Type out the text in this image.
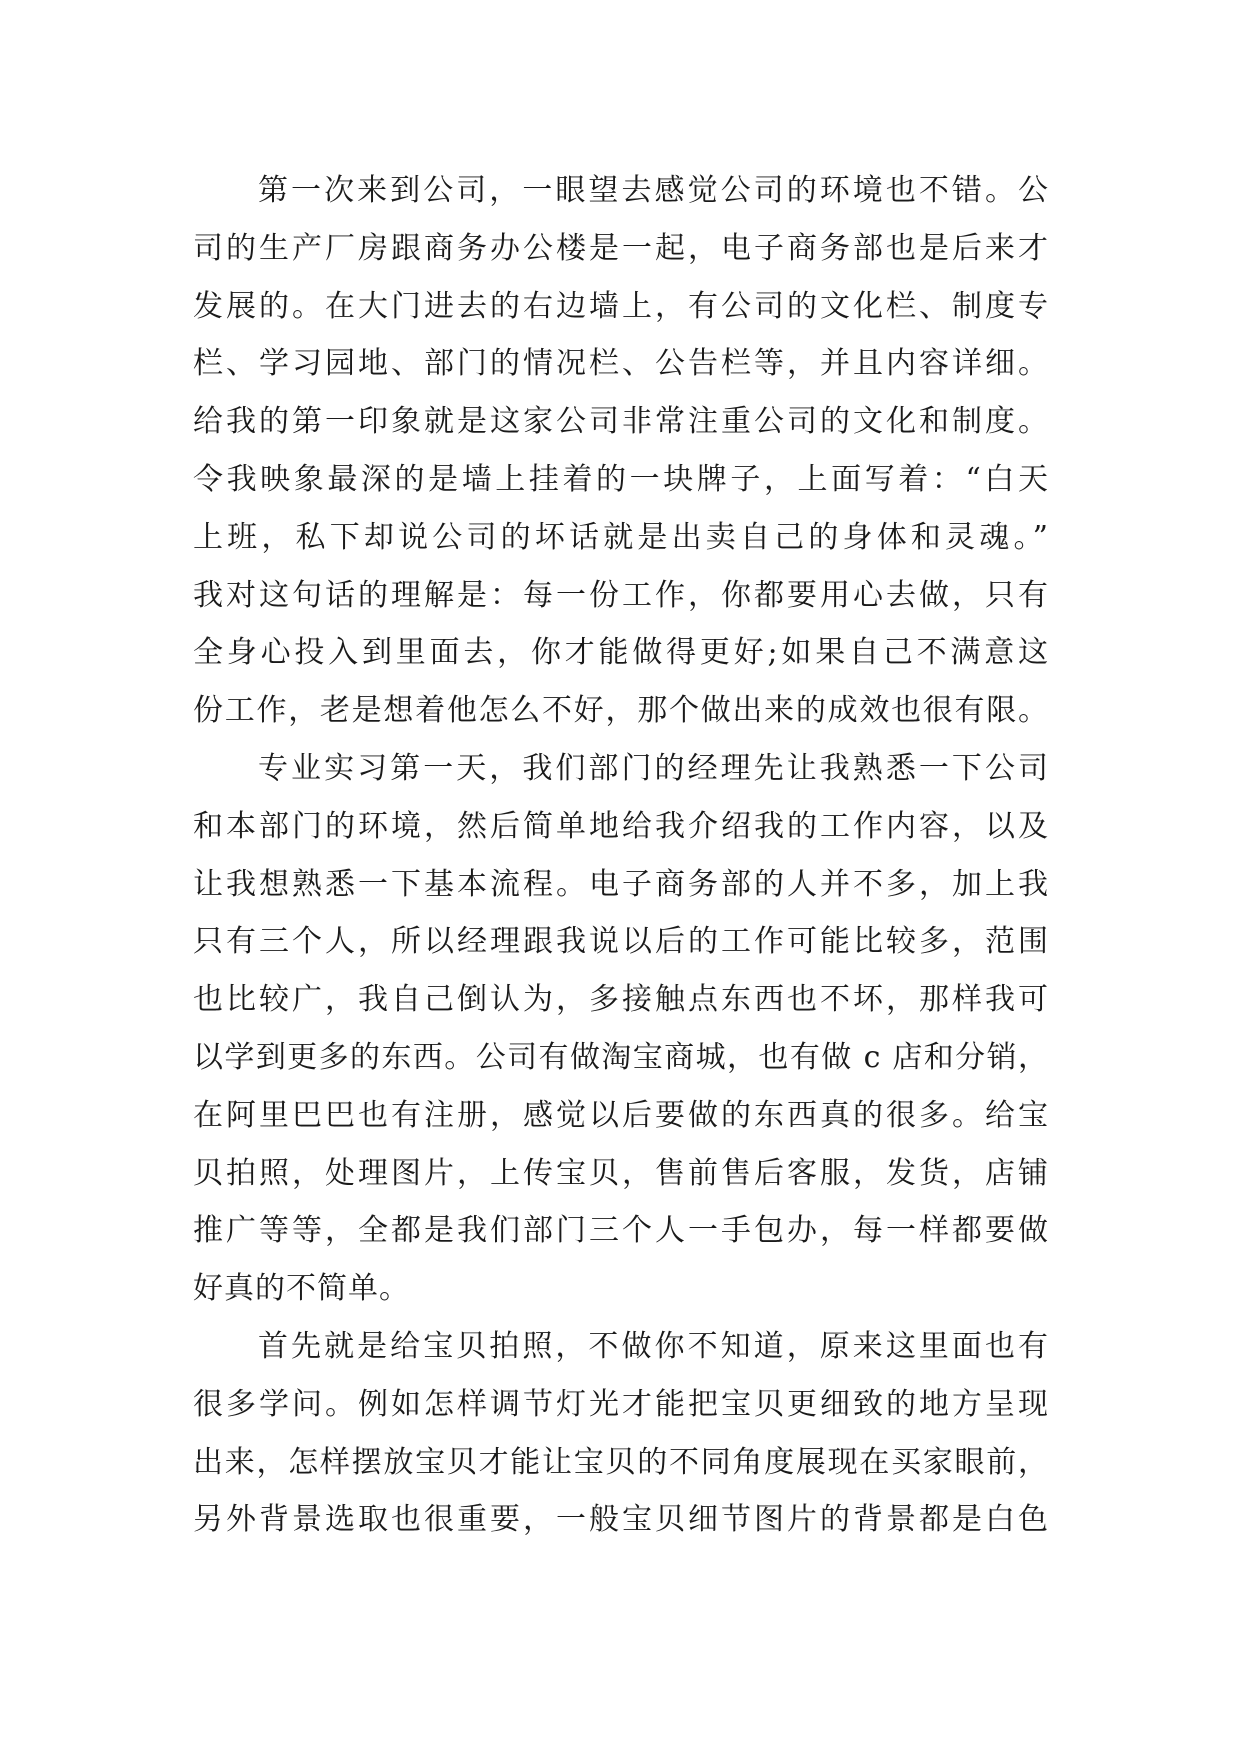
第一次来到公司，一眼望去感觉公司的环境也不错。公
司的生产厂房跟商务办公楼是一起，电子商务部也是后来才
发展的。在大门进去的右边墙上，有公司的文化栏、制度专
栏、学习园地、部门的情况栏、公告栏等，并且内容详细。
给我的第一印象就是这家公司非常注重公司的文化和制度。
令我映象最深的是墙上挂着的一块牌子，上面写着：“白天
上班，私下却说公司的坏话就是出卖自己的身体和灵魂。”
我对这句话的理解是：每一份工作，你都要用心去做，只有
全身心投入到里面去，你才能做得更好;如果自己不满意这
份工作，老是想着他怎么不好，那个做出来的成效也很有限。
专业实习第一天，我们部门的经理先让我熟悉一下公司
和本部门的环境，然后简单地给我介绍我的工作内容，以及
让我想熟悉一下基本流程。电子商务部的人并不多，加上我
只有三个人，所以经理跟我说以后的工作可能比较多，范围
也比较广，我自己倒认为，多接触点东西也不坏，那样我可
以学到更多的东西。公司有做淘宝商城，也有做 c 店和分销，
在阿里巴巴也有注册，感觉以后要做的东西真的很多。给宝
贝拍照，处理图片，上传宝贝，售前售后客服，发货，店铺
推广等等，全都是我们部门三个人一手包办，每一样都要做
好真的不简单。
首先就是给宝贝拍照，不做你不知道，原来这里面也有
很多学问。例如怎样调节灯光才能把宝贝更细致的地方呈现
出来，怎样摆放宝贝才能让宝贝的不同角度展现在买家眼前，
另外背景选取也很重要，一般宝贝细节图片的背景都是白色
